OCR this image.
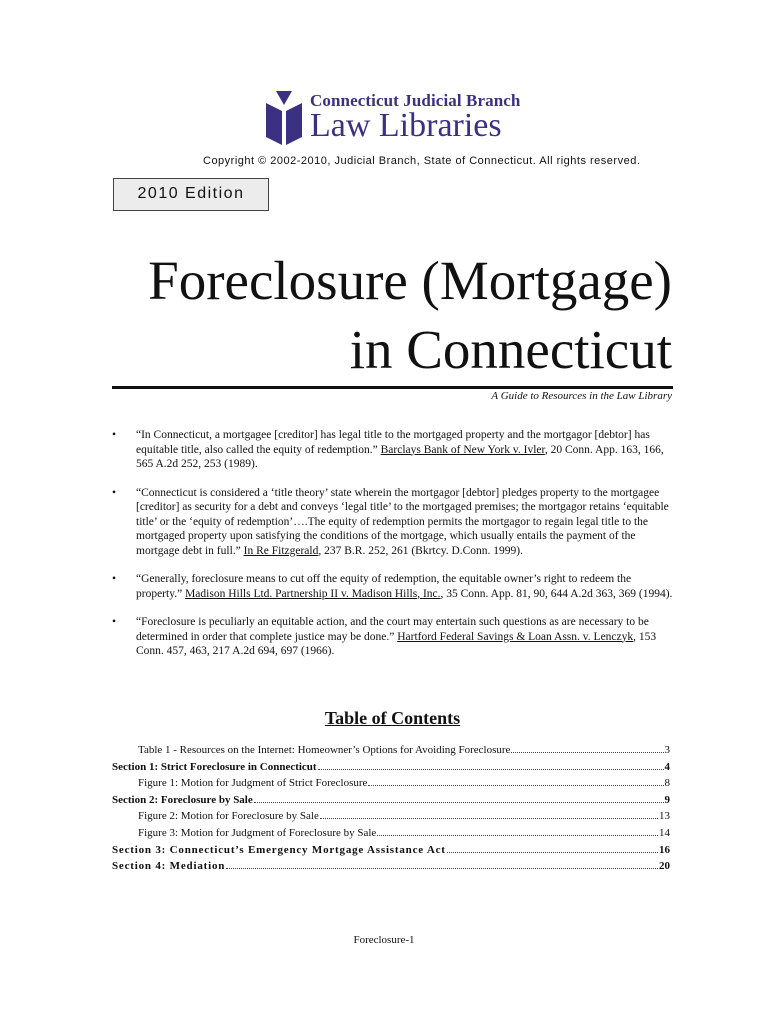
Connecticut Judicial Branch
Law Libraries
Copyright © 2002-2010, Judicial Branch, State of Connecticut. All rights reserved.
2010 Edition
Foreclosure (Mortgage)
in Connecticut
A Guide to Resources in the Law Library
• “In Connecticut, a mortgagee [creditor] has legal title to the mortgaged property and the mortgagor [debtor] has equitable title, also called the equity of redemption.” Barclays Bank of New York v. Ivler, 20 Conn. App. 163, 166, 565 A.2d 252, 253 (1989).
• “Connecticut is considered a ‘title theory’ state wherein the mortgagor [debtor] pledges property to the mortgagee [creditor] as security for a debt and conveys ‘legal title’ to the mortgaged premises; the mortgagor retains ‘equitable title’ or the ‘equity of redemption’….The equity of redemption permits the mortgagor to regain legal title to the mortgaged property upon satisfying the conditions of the mortgage, which usually entails the payment of the mortgage debt in full.” In Re Fitzgerald, 237 B.R. 252, 261 (Bkrtcy. D.Conn. 1999).
• “Generally, foreclosure means to cut off the equity of redemption, the equitable owner’s right to redeem the property.” Madison Hills Ltd. Partnership II v. Madison Hills, Inc., 35 Conn. App. 81, 90, 644 A.2d 363, 369 (1994).
• “Foreclosure is peculiarly an equitable action, and the court may entertain such questions as are necessary to be determined in order that complete justice may be done.” Hartford Federal Savings & Loan Assn. v. Lenczyk, 153 Conn. 457, 463, 217 A.2d 694, 697 (1966).
Table of Contents
Table 1 - Resources on the Internet: Homeowner’s Options for Avoiding Foreclosure	3
Section 1: Strict Foreclosure in Connecticut	4
Figure 1: Motion for Judgment of Strict Foreclosure	8
Section 2: Foreclosure by Sale	9
Figure 2: Motion for Foreclosure by Sale	13
Figure 3: Motion for Judgment of Foreclosure by Sale	14
Section 3: Connecticut’s Emergency Mortgage Assistance Act	16
Section 4: Mediation	20
Foreclosure-1
